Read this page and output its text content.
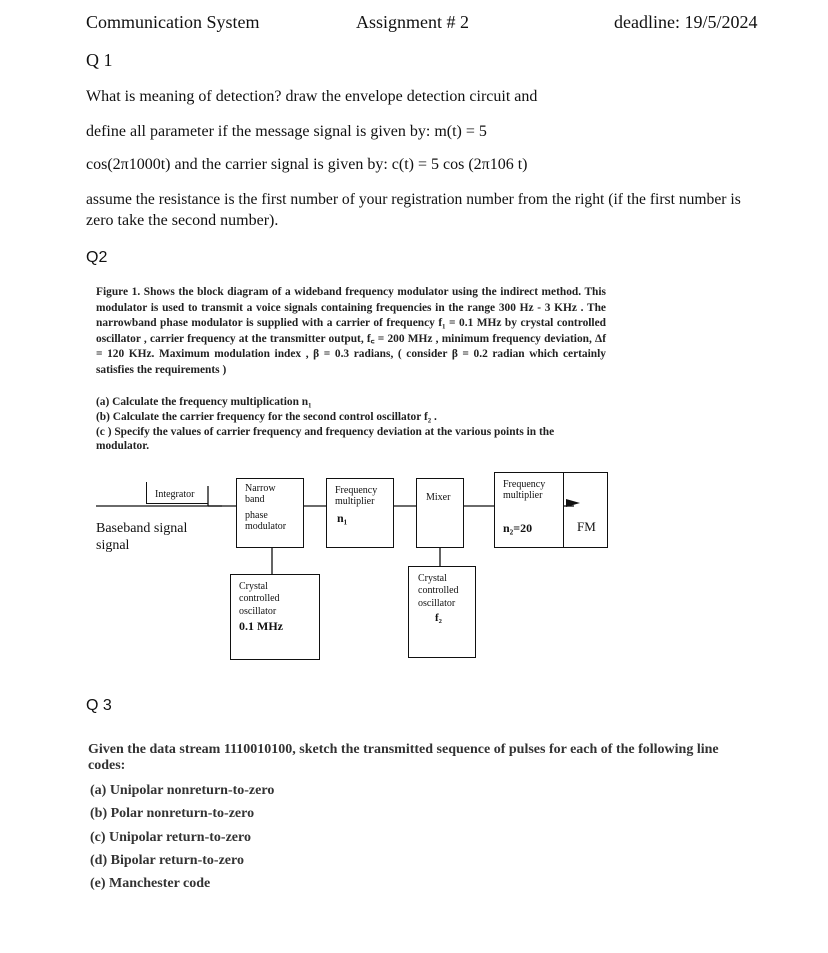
Communication System	Assignment # 2	deadline: 19/5/2024
Q 1
What is meaning of detection? draw the envelope detection circuit and
define all parameter if the message signal is given by: m(t) = 5
cos(2π1000t) and the carrier signal is given by: c(t) = 5 cos (2π106 t)
assume the resistance is the first number of your registration number from the right (if the first number is
zero take the second number).
Q2
Figure 1. Shows the block diagram of a wideband frequency modulator using the indirect method. This modulator is used to transmit a voice signals containing frequencies in the range 300 Hz - 3 KHz . The narrowband phase modulator is supplied with a carrier of frequency f₁ = 0.1 MHz by crystal controlled oscillator , carrier frequency at the transmitter output, f꜀ = 200 MHz , minimum frequency deviation, Δf = 120 KHz. Maximum modulation index , β = 0.3 radians, ( consider β = 0.2 radian which certainly satisfies the requirements )
(a) Calculate the frequency multiplication n₁
(b) Calculate the carrier frequency for the second control oscillator f₂ .
(c ) Specify the values of carrier frequency and frequency deviation at the various points in the modulator.
Integrator
Baseband signal
signal
Narrow
band
phase
modulator
Frequency
multiplier
n₁
Mixer
Frequency
multiplier
n₂=20	FM
Crystal
controlled
oscillator
0.1 MHz
Crystal
controlled
oscillator
f₂
Q 3
Given the data stream 1110010100, sketch the transmitted sequence of pulses for each of the following line codes:
(a) Unipolar nonreturn-to-zero
(b) Polar nonreturn-to-zero
(c) Unipolar return-to-zero
(d) Bipolar return-to-zero
(e) Manchester code
